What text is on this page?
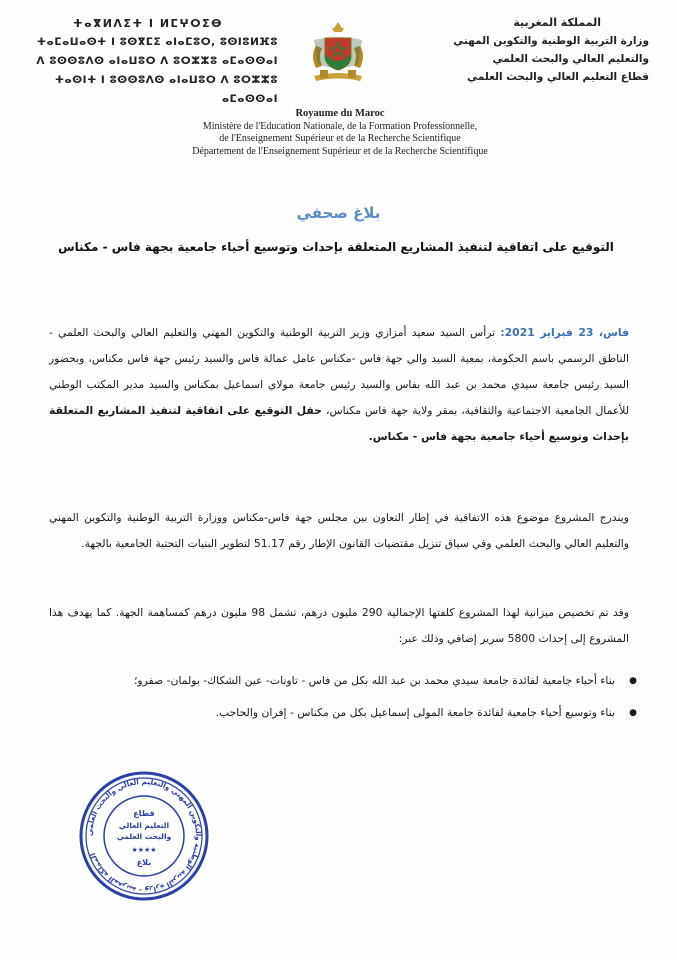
ⵜⴰⴳⵍⴷⵉⵜ ⵏ ⵍⵎⵖⵔⵉⴱ
ⵜⴰⵎⴰⵡⴰⵙⵜ ⵏ ⵓⵙⴳⵎⵉ ⴰⵏⴰⵎⵓⵔ, ⵓⵙⵏⵓⵍⴼⵓ
ⴷ ⵓⵙⵙⵓⴷⵙ ⴰⵏⴰⵡⵓⵔ ⴷ ⵓⵔⵣⵣⵓ ⴰⵎⴰⵙⵙⴰⵏ
ⵜⴰⵙⵏⵜ ⵏ ⵓⵙⵙⵓⴷⵙ ⴰⵏⴰⵡⵓⵔ ⴷ ⵓⵔⵣⵣⵓ ⴰⵎⴰⵙⵙⴰⵏ
المملكة المغربية
وزارة التربية الوطنية والتكوين المهني
والتعليم العالي والبحث العلمي
قطاع التعليم العالي والبحث العلمي
Royaume du Maroc
Ministère de l'Education Nationale, de la Formation Professionnelle,
de l'Enseignement Supérieur et de la Recherche Scientifique
Département de l'Enseignement Supérieur et de la Recherche Scientifique
بلاغ صحفي
التوقيع على اتفاقية لتنفيذ المشاريع المتعلقة بإحداث وتوسيع أحياء جامعية بجهة فاس - مكناس

فاس، 23 فبراير 2021: ترأس السيد سعيد أمزازي وزير التربية الوطنية والتكوين المهني والتعليم العالي والبحث العلمي - الناطق الرسمي باسم الحكومة، بمعية السيد والي جهة فاس -مكناس عامل عمالة فاس والسيد رئيس جهة فاس مكناس، وبحضور السيد رئيس جامعة سيدي محمد بن عبد الله بفاس والسيد رئيس جامعة مولاي اسماعيل بمكناس والسيد مدير المكتب الوطني للأعمال الجامعية الاجتماعية والثقافية، بمقر ولاية جهة فاس مكناس، حفل التوقيع على اتفاقية لتنفيذ المشاريع المتعلقة بإحداث وتوسيع أحياء جامعية بجهة فاس - مكناس.

ويندرج المشروع موضوع هذه الاتفاقية في إطار التعاون بين مجلس جهة فاس-مكناس ووزارة التربية الوطنية والتكوين المهني والتعليم العالي والبحث العلمي وفي سياق تنزيل مقتضيات القانون الإطار رقم 51.17 لتطوير البنيات التحتية الجامعية بالجهة.

وقد تم تخصيص ميزانية لهذا المشروع كلفتها الإجمالية 290 مليون درهم، تشمل 98 مليون درهم كمساهمة الجهة. كما يهدف هذا المشروع إلى إحداث 5800 سرير إضافي وذلك عبر:

● بناء أحياء جامعية لفائدة جامعة سيدي محمد بن عبد الله بكل من فاس - تاونات- عين الشكاك- بولمان- صفرو؛
● بناء وتوسيع أحياء جامعية لفائدة جامعة المولى إسماعيل بكل من مكناس - إفران والحاجب.
المملكة المغربية - وزارة التربية الوطنية والتكوين المهني والتعليم العالي والبحث العلمي
قطاع
التعليم العالي
والبحث العلمي
★★★★
بلاغ
